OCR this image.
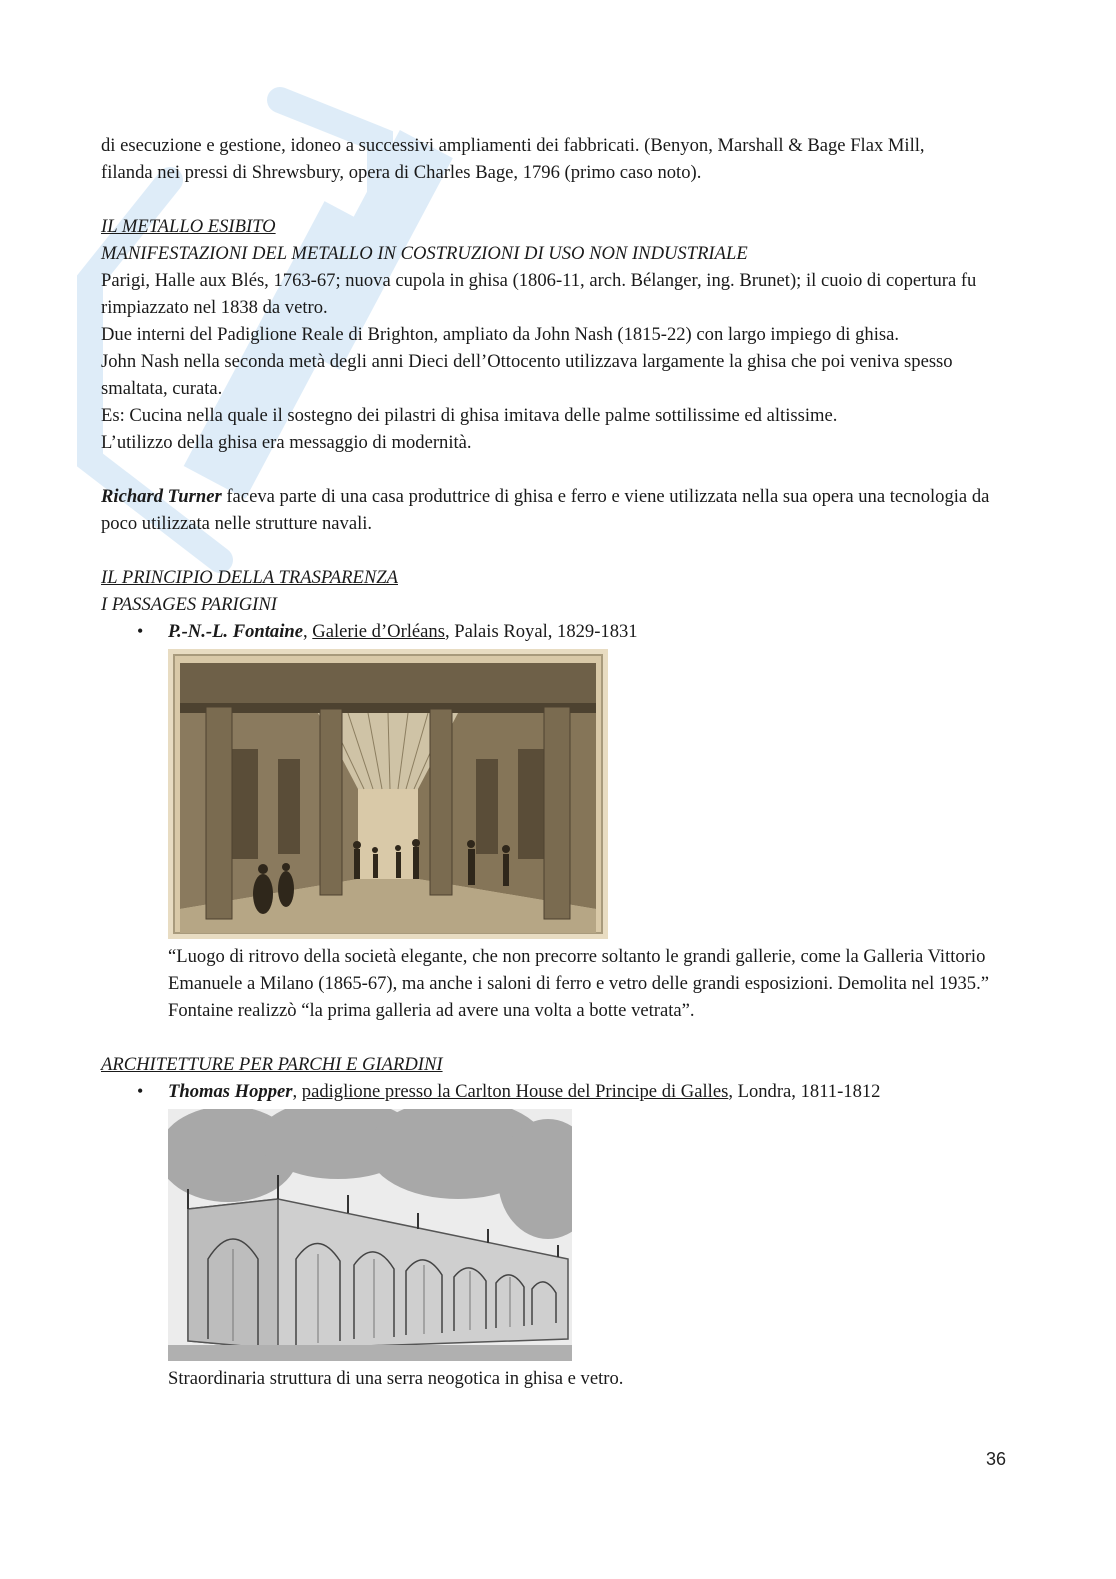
di esecuzione e gestione, idoneo a successivi ampliamenti dei fabbricati. (Benyon, Marshall & Bage Flax Mill,

filanda nei pressi di Shrewsbury, opera di Charles Bage, 1796 (primo caso noto).

IL METALLO ESIBITO

MANIFESTAZIONI DEL METALLO IN COSTRUZIONI DI USO NON INDUSTRIALE

Parigi, Halle aux Blés, 1763-67; nuova cupola in ghisa (1806-11, arch. Bélanger, ing. Brunet); il cuoio di copertura fu rimpiazzato nel 1838 da vetro.

Due interni del Padiglione Reale di Brighton, ampliato da John Nash (1815-22) con largo impiego di ghisa.

John Nash nella seconda metà degli anni Dieci dell’Ottocento utilizzava largamente la ghisa che poi veniva spesso smaltata, curata.

Es: Cucina nella quale il sostegno dei pilastri di ghisa imitava delle palme sottilissime ed altissime.

L’utilizzo della ghisa era messaggio di modernità.

Richard Turner faceva parte di una casa produttrice di ghisa e ferro e viene utilizzata nella sua opera una tecnologia da poco utilizzata nelle strutture navali.

IL PRINCIPIO DELLA TRASPARENZA

I PASSAGES PARIGINI

• P.-N.-L. Fontaine, Galerie d’Orléans, Palais Royal, 1829-1831

“Luogo di ritrovo della società elegante, che non precorre soltanto le grandi gallerie, come la Galleria Vittorio Emanuele a Milano (1865-67), ma anche i saloni di ferro e vetro delle grandi esposizioni. Demolita nel 1935.”

Fontaine realizzò “la prima galleria ad avere una volta a botte vetrata”.

ARCHITETTURE PER PARCHI E GIARDINI

• Thomas Hopper, padiglione presso la Carlton House del Principe di Galles, Londra, 1811-1812

Straordinaria struttura di una serra neogotica in ghisa e vetro.

36
